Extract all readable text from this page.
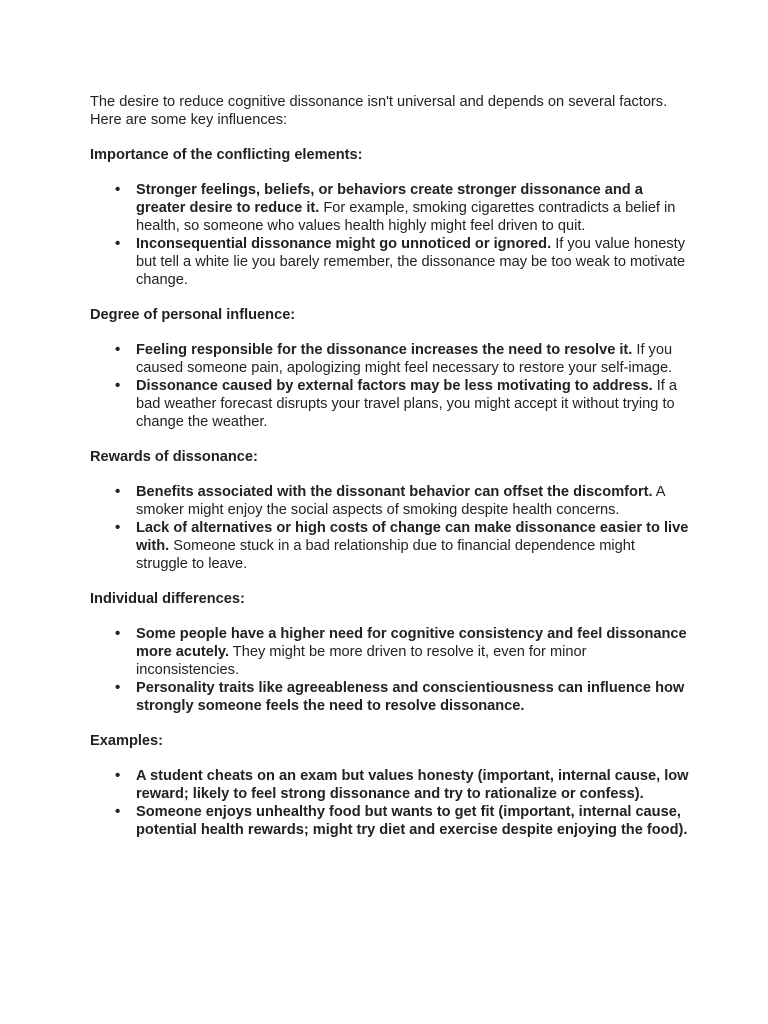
The desire to reduce cognitive dissonance isn't universal and depends on several factors. Here are some key influences:

Importance of the conflicting elements:

•	Stronger feelings, beliefs, or behaviors create stronger dissonance and a greater desire to reduce it. For example, smoking cigarettes contradicts a belief in health, so someone who values health highly might feel driven to quit.
•	Inconsequential dissonance might go unnoticed or ignored. If you value honesty but tell a white lie you barely remember, the dissonance may be too weak to motivate change.

Degree of personal influence:

•	Feeling responsible for the dissonance increases the need to resolve it. If you caused someone pain, apologizing might feel necessary to restore your self-image.
•	Dissonance caused by external factors may be less motivating to address. If a bad weather forecast disrupts your travel plans, you might accept it without trying to change the weather.

Rewards of dissonance:

•	Benefits associated with the dissonant behavior can offset the discomfort. A smoker might enjoy the social aspects of smoking despite health concerns.
•	Lack of alternatives or high costs of change can make dissonance easier to live with. Someone stuck in a bad relationship due to financial dependence might struggle to leave.

Individual differences:

•	Some people have a higher need for cognitive consistency and feel dissonance more acutely. They might be more driven to resolve it, even for minor inconsistencies.
•	Personality traits like agreeableness and conscientiousness can influence how strongly someone feels the need to resolve dissonance.

Examples:

•	A student cheats on an exam but values honesty (important, internal cause, low reward; likely to feel strong dissonance and try to rationalize or confess).
•	Someone enjoys unhealthy food but wants to get fit (important, internal cause, potential health rewards; might try diet and exercise despite enjoying the food).
